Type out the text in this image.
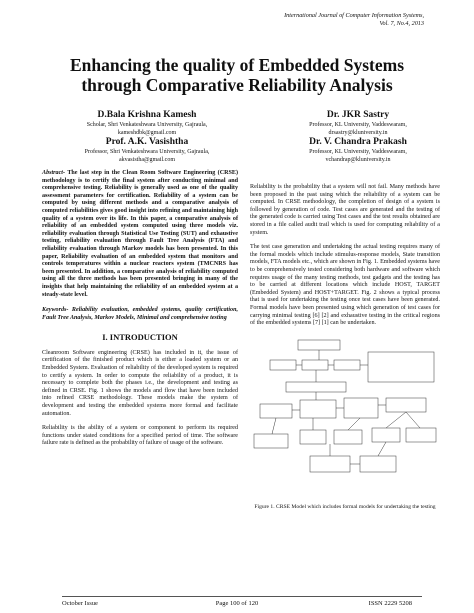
International Journal of Computer Information Systems,
Vol. 7, No.4, 2013
Enhancing the quality of Embedded Systems
through Comparative Reliability Analysis
D.Bala Krishna Kamesh
Scholar, Shri Venkateshwara University, Gajraula,
kameshdbk@gmail.com
Prof. A.K. Vasishtha
Professor, Shri Venkateshwara University, Gajraula,
akvasistha@gmail.com
Dr. JKR Sastry
Professor, KL University, Vaddeswaram,
drsastry@kluniversity.in
Dr. V. Chandra Prakash
Professor, KL University, Vaddeswaram,
vchandrap@kluniversity.in
Abstract- The last step in the Clean Room Software Engineering (CRSE) methodology is to certify the final system after conducting minimal and comprehensive testing. Reliability is generally used as one of the quality assessment parameters for certification. Reliability of a system can be computed by using different methods and a comparative analysis of computed reliabilities gives good insight into refining and maintaining high quality of a system over its life. In this paper, a comparative analysis of reliability of an embedded system computed using three models viz. reliability evaluation through Statistical Use Testing (SUT) and exhaustive testing, reliability evaluation through Fault Tree Analysis (FTA) and reliability evaluation through Markov models has been presented. In this paper, Reliability evaluation of an embedded system that monitors and controls temperatures within a nuclear reactors system (TMCNRS has been presented. In addition, a comparative analysis of reliability computed using all the three methods has been presented bringing in many of the insights that help maintaining the reliability of an embedded system at a steady-state level.
Keywords- Reliability evaluation, embedded systems, quality certification, Fault Tree Analysis, Markov Models, Minimal and comprehensive testing
I. INTRODUCTION
Cleanroom Software engineering (CRSE) has included in it, the issue of certification of the finished product which is either a loaded system or an Embedded System. Evaluation of reliability of the developed system is required to certify a system. In order to compute the reliability of a product, it is necessary to complete both the phases i.e., the development and testing as defined in CRSE. Fig. 1 shows the models and flow that have been included into refined CRSE methodology. These models make the system of development and testing the embedded systems more formal and facilitate automation.
Reliability is the ability of a system or component to perform its required functions under stated conditions for a specified period of time. The software failure rate is defined as the probability of failure of usage of the software.
Reliability is the probability that a system will not fail. Many methods have been proposed in the past using which the reliability of a system can be computed. In CRSE methodology, the completion of design of a system is followed by generation of code. Test cases are generated and the testing of the generated code is carried using Test cases and the test results obtained are stored in a file called audit trail which is used for computing reliability of a system.
The test case generation and undertaking the actual testing requires many of the formal models which include stimulus-response models, State transition models, FTA models etc., which are shown in Fig. 1. Embedded systems have to be comprehensively tested considering both hardware and software which requires usage of the many testing methods, test gadgets and the testing has to be carried at different locations which include HOST, TARGET (Embedded System) and HOST+TARGET. Fig. 2 shows a typical process that is used for undertaking the testing once test cases have been generated. Formal models have been presented using which generation of test cases for carrying minimal testing [6] [2] and exhaustive testing in the critical regions of the embedded systems [7] [1] can be undertaken.
Figure 1. CRSE Model which includes formal models for undertaking the testing
October Issue	Page 100 of 120	ISSN 2229 5208
